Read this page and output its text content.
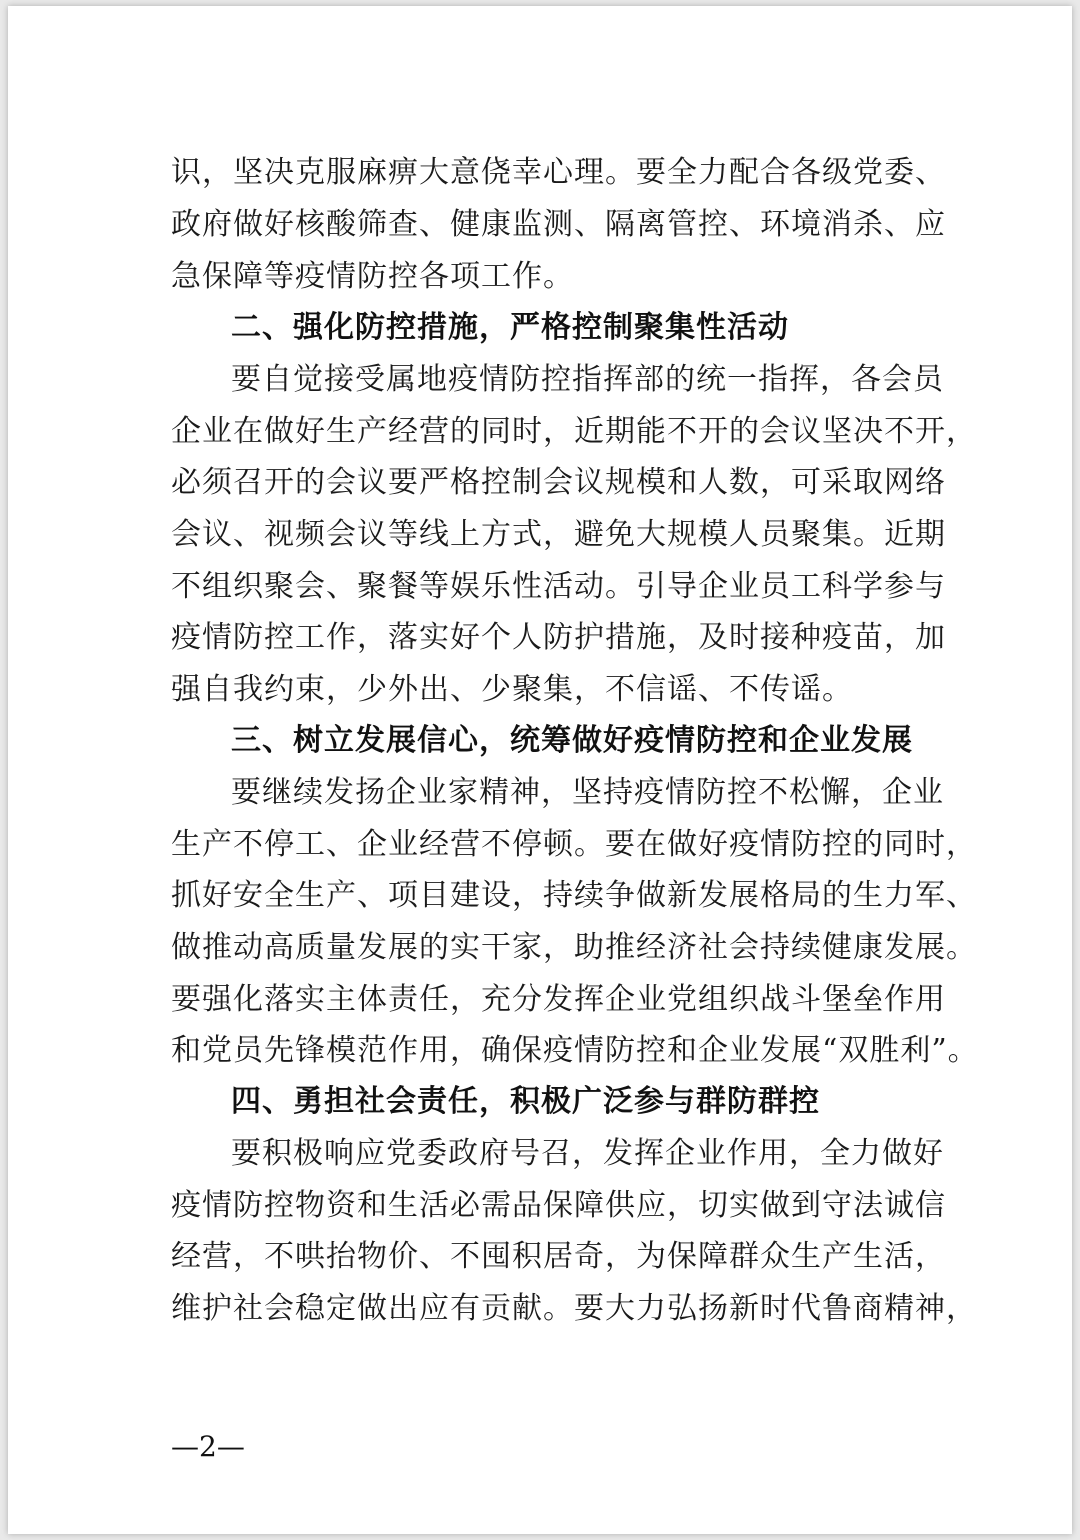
识，坚决克服麻痹大意侥幸心理。要全力配合各级党委、
政府做好核酸筛查、健康监测、隔离管控、环境消杀、应
急保障等疫情防控各项工作。
二、强化防控措施，严格控制聚集性活动
要自觉接受属地疫情防控指挥部的统一指挥，各会员
企业在做好生产经营的同时，近期能不开的会议坚决不开，
必须召开的会议要严格控制会议规模和人数，可采取网络
会议、视频会议等线上方式，避免大规模人员聚集。近期
不组织聚会、聚餐等娱乐性活动。引导企业员工科学参与
疫情防控工作，落实好个人防护措施，及时接种疫苗，加
强自我约束，少外出、少聚集，不信谣、不传谣。
三、树立发展信心，统筹做好疫情防控和企业发展
要继续发扬企业家精神，坚持疫情防控不松懈，企业
生产不停工、企业经营不停顿。要在做好疫情防控的同时，
抓好安全生产、项目建设，持续争做新发展格局的生力军、
做推动高质量发展的实干家，助推经济社会持续健康发展。
要强化落实主体责任，充分发挥企业党组织战斗堡垒作用
和党员先锋模范作用，确保疫情防控和企业发展“双胜利”。
四、勇担社会责任，积极广泛参与群防群控
要积极响应党委政府号召，发挥企业作用，全力做好
疫情防控物资和生活必需品保障供应，切实做到守法诚信
经营，不哄抬物价、不囤积居奇，为保障群众生产生活，
维护社会稳定做出应有贡献。要大力弘扬新时代鲁商精神，
—2—
